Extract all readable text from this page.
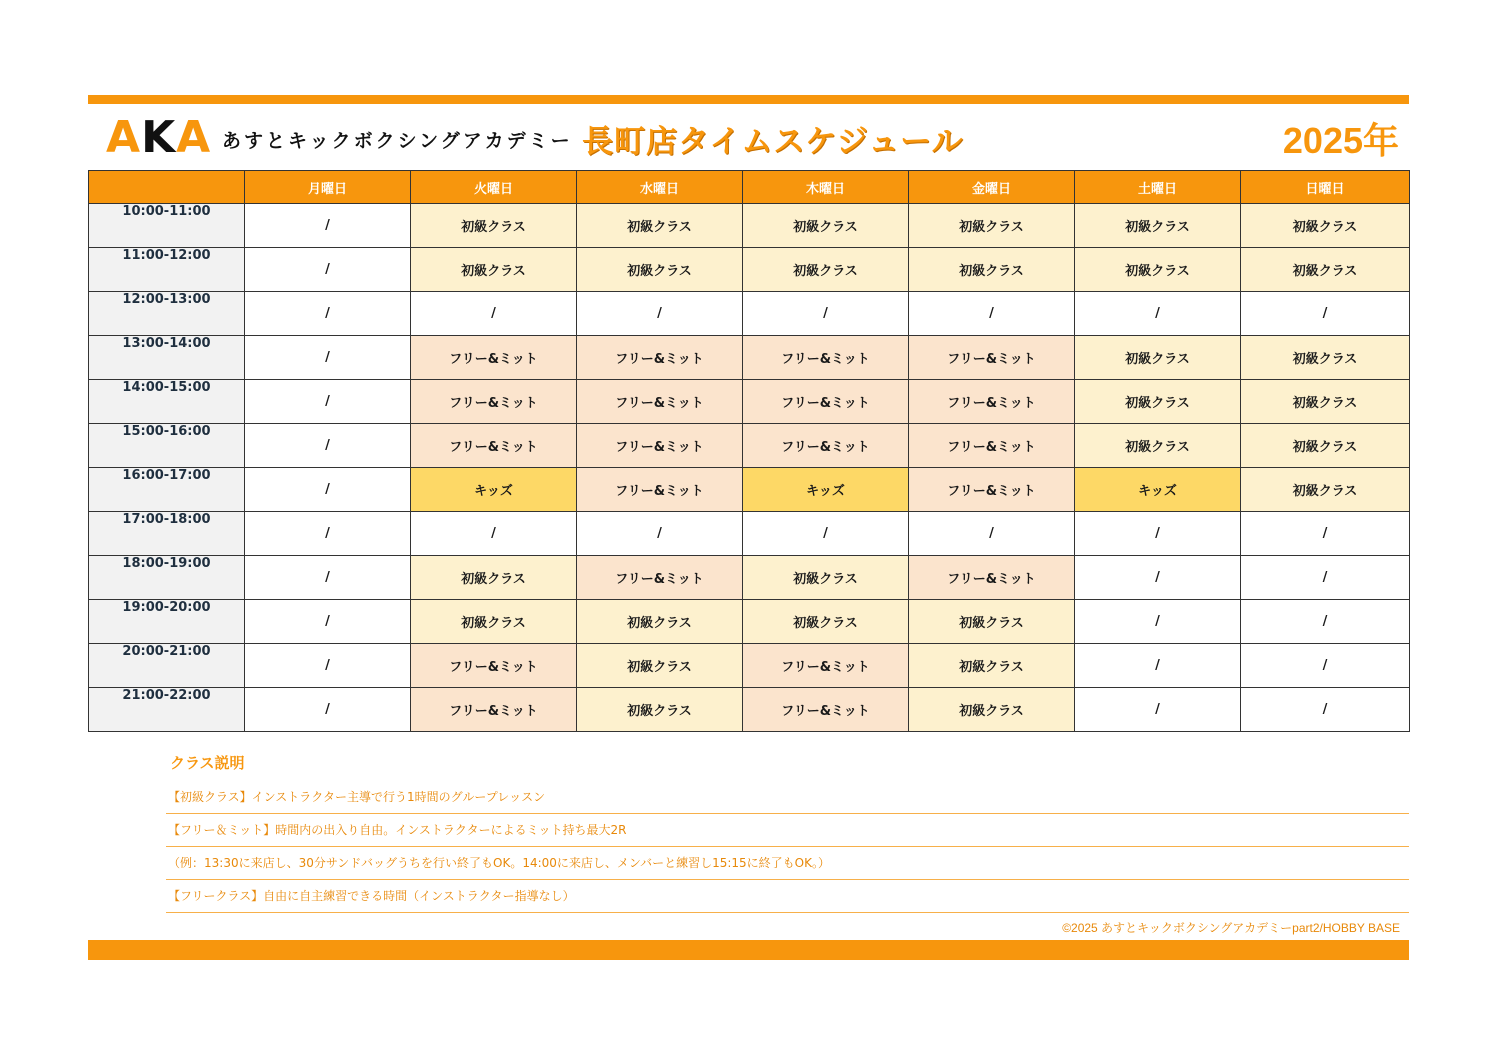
AKA あすとキックボクシングアカデミー 長町店タイムスケジュール	2025年
	月曜日	火曜日	水曜日	木曜日	金曜日	土曜日	日曜日
10:00-11:00	/	初級クラス	初級クラス	初級クラス	初級クラス	初級クラス	初級クラス
11:00-12:00	/	初級クラス	初級クラス	初級クラス	初級クラス	初級クラス	初級クラス
12:00-13:00	/	/	/	/	/	/	/
13:00-14:00	/	フリー&ミット	フリー&ミット	フリー&ミット	フリー&ミット	初級クラス	初級クラス
14:00-15:00	/	フリー&ミット	フリー&ミット	フリー&ミット	フリー&ミット	初級クラス	初級クラス
15:00-16:00	/	フリー&ミット	フリー&ミット	フリー&ミット	フリー&ミット	初級クラス	初級クラス
16:00-17:00	/	キッズ	フリー&ミット	キッズ	フリー&ミット	キッズ	初級クラス
17:00-18:00	/	/	/	/	/	/	/
18:00-19:00	/	初級クラス	フリー&ミット	初級クラス	フリー&ミット	/	/
19:00-20:00	/	初級クラス	初級クラス	初級クラス	初級クラス	/	/
20:00-21:00	/	フリー&ミット	初級クラス	フリー&ミット	初級クラス	/	/
21:00-22:00	/	フリー&ミット	初級クラス	フリー&ミット	初級クラス	/	/
クラス説明
【初級クラス】インストラクター主導で行う1時間のグループレッスン
【フリー＆ミット】時間内の出入り自由。インストラクターによるミット持ち最大2R
（例：13:30に来店し、30分サンドバッグうちを行い終了もOK。14:00に来店し、メンバーと練習し15:15に終了もOK。）
【フリークラス】自由に自主練習できる時間（インストラクター指導なし）
©2025 あすとキックボクシングアカデミーpart2/HOBBY BASE
